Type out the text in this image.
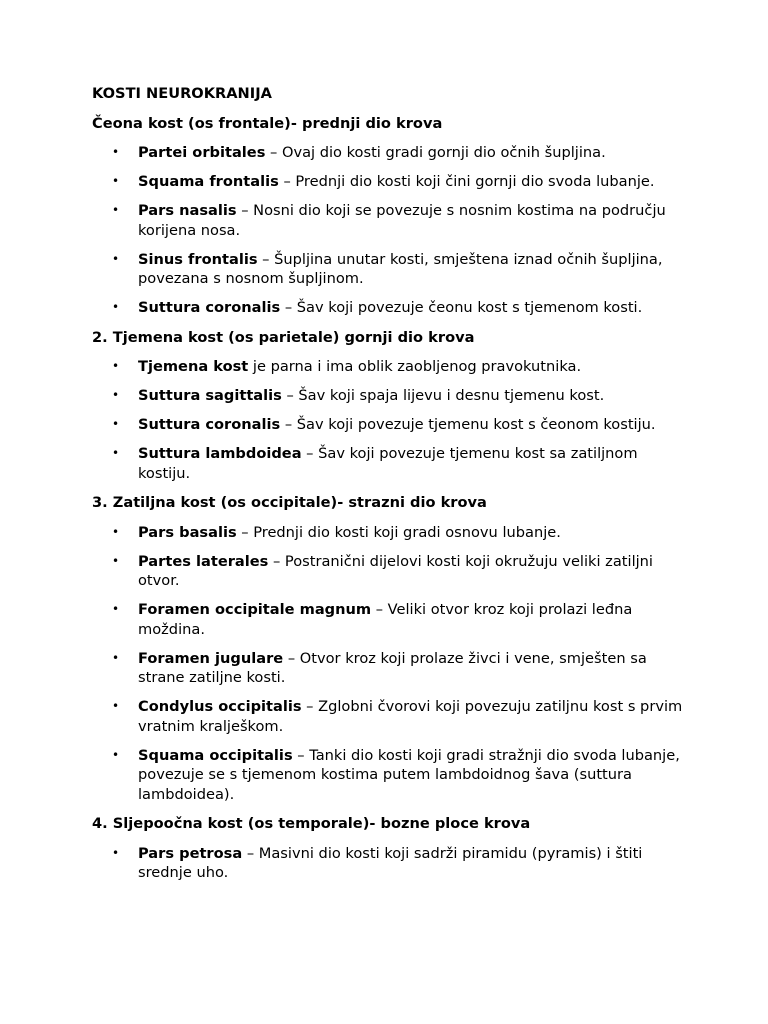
KOSTI NEUROKRANIJA
Čeona kost (os frontale)- prednji dio krova
• Partei orbitales – Ovaj dio kosti gradi gornji dio očnih šupljina.
• Squama frontalis – Prednji dio kosti koji čini gornji dio svoda lubanje.
• Pars nasalis – Nosni dio koji se povezuje s nosnim kostima na području korijena nosa.
• Sinus frontalis – Šupljina unutar kosti, smještena iznad očnih šupljina, povezana s nosnom šupljinom.
• Suttura coronalis – Šav koji povezuje čeonu kost s tjemenom kosti.
2. Tjemena kost (os parietale) gornji dio krova
• Tjemena kost je parna i ima oblik zaobljenog pravokutnika.
• Suttura sagittalis – Šav koji spaja lijevu i desnu tjemenu kost.
• Suttura coronalis – Šav koji povezuje tjemenu kost s čeonom kostiju.
• Suttura lambdoidea – Šav koji povezuje tjemenu kost sa zatiljnom kostiju.
3. Zatiljna kost (os occipitale)- strazni dio krova
• Pars basalis – Prednji dio kosti koji gradi osnovu lubanje.
• Partes laterales – Postranični dijelovi kosti koji okružuju veliki zatiljni otvor.
• Foramen occipitale magnum – Veliki otvor kroz koji prolazi leđna moždina.
• Foramen jugulare – Otvor kroz koji prolaze živci i vene, smješten sa strane zatiljne kosti.
• Condylus occipitalis – Zglobni čvorovi koji povezuju zatiljnu kost s prvim vratnim kralješkom.
• Squama occipitalis – Tanki dio kosti koji gradi stražnji dio svoda lubanje, povezuje se s tjemenom kostima putem lambdoidnog šava (suttura lambdoidea).
4. Sljepoočna kost (os temporale)- bozne ploce krova
• Pars petrosa – Masivni dio kosti koji sadrži piramidu (pyramis) i štiti srednje uho.
